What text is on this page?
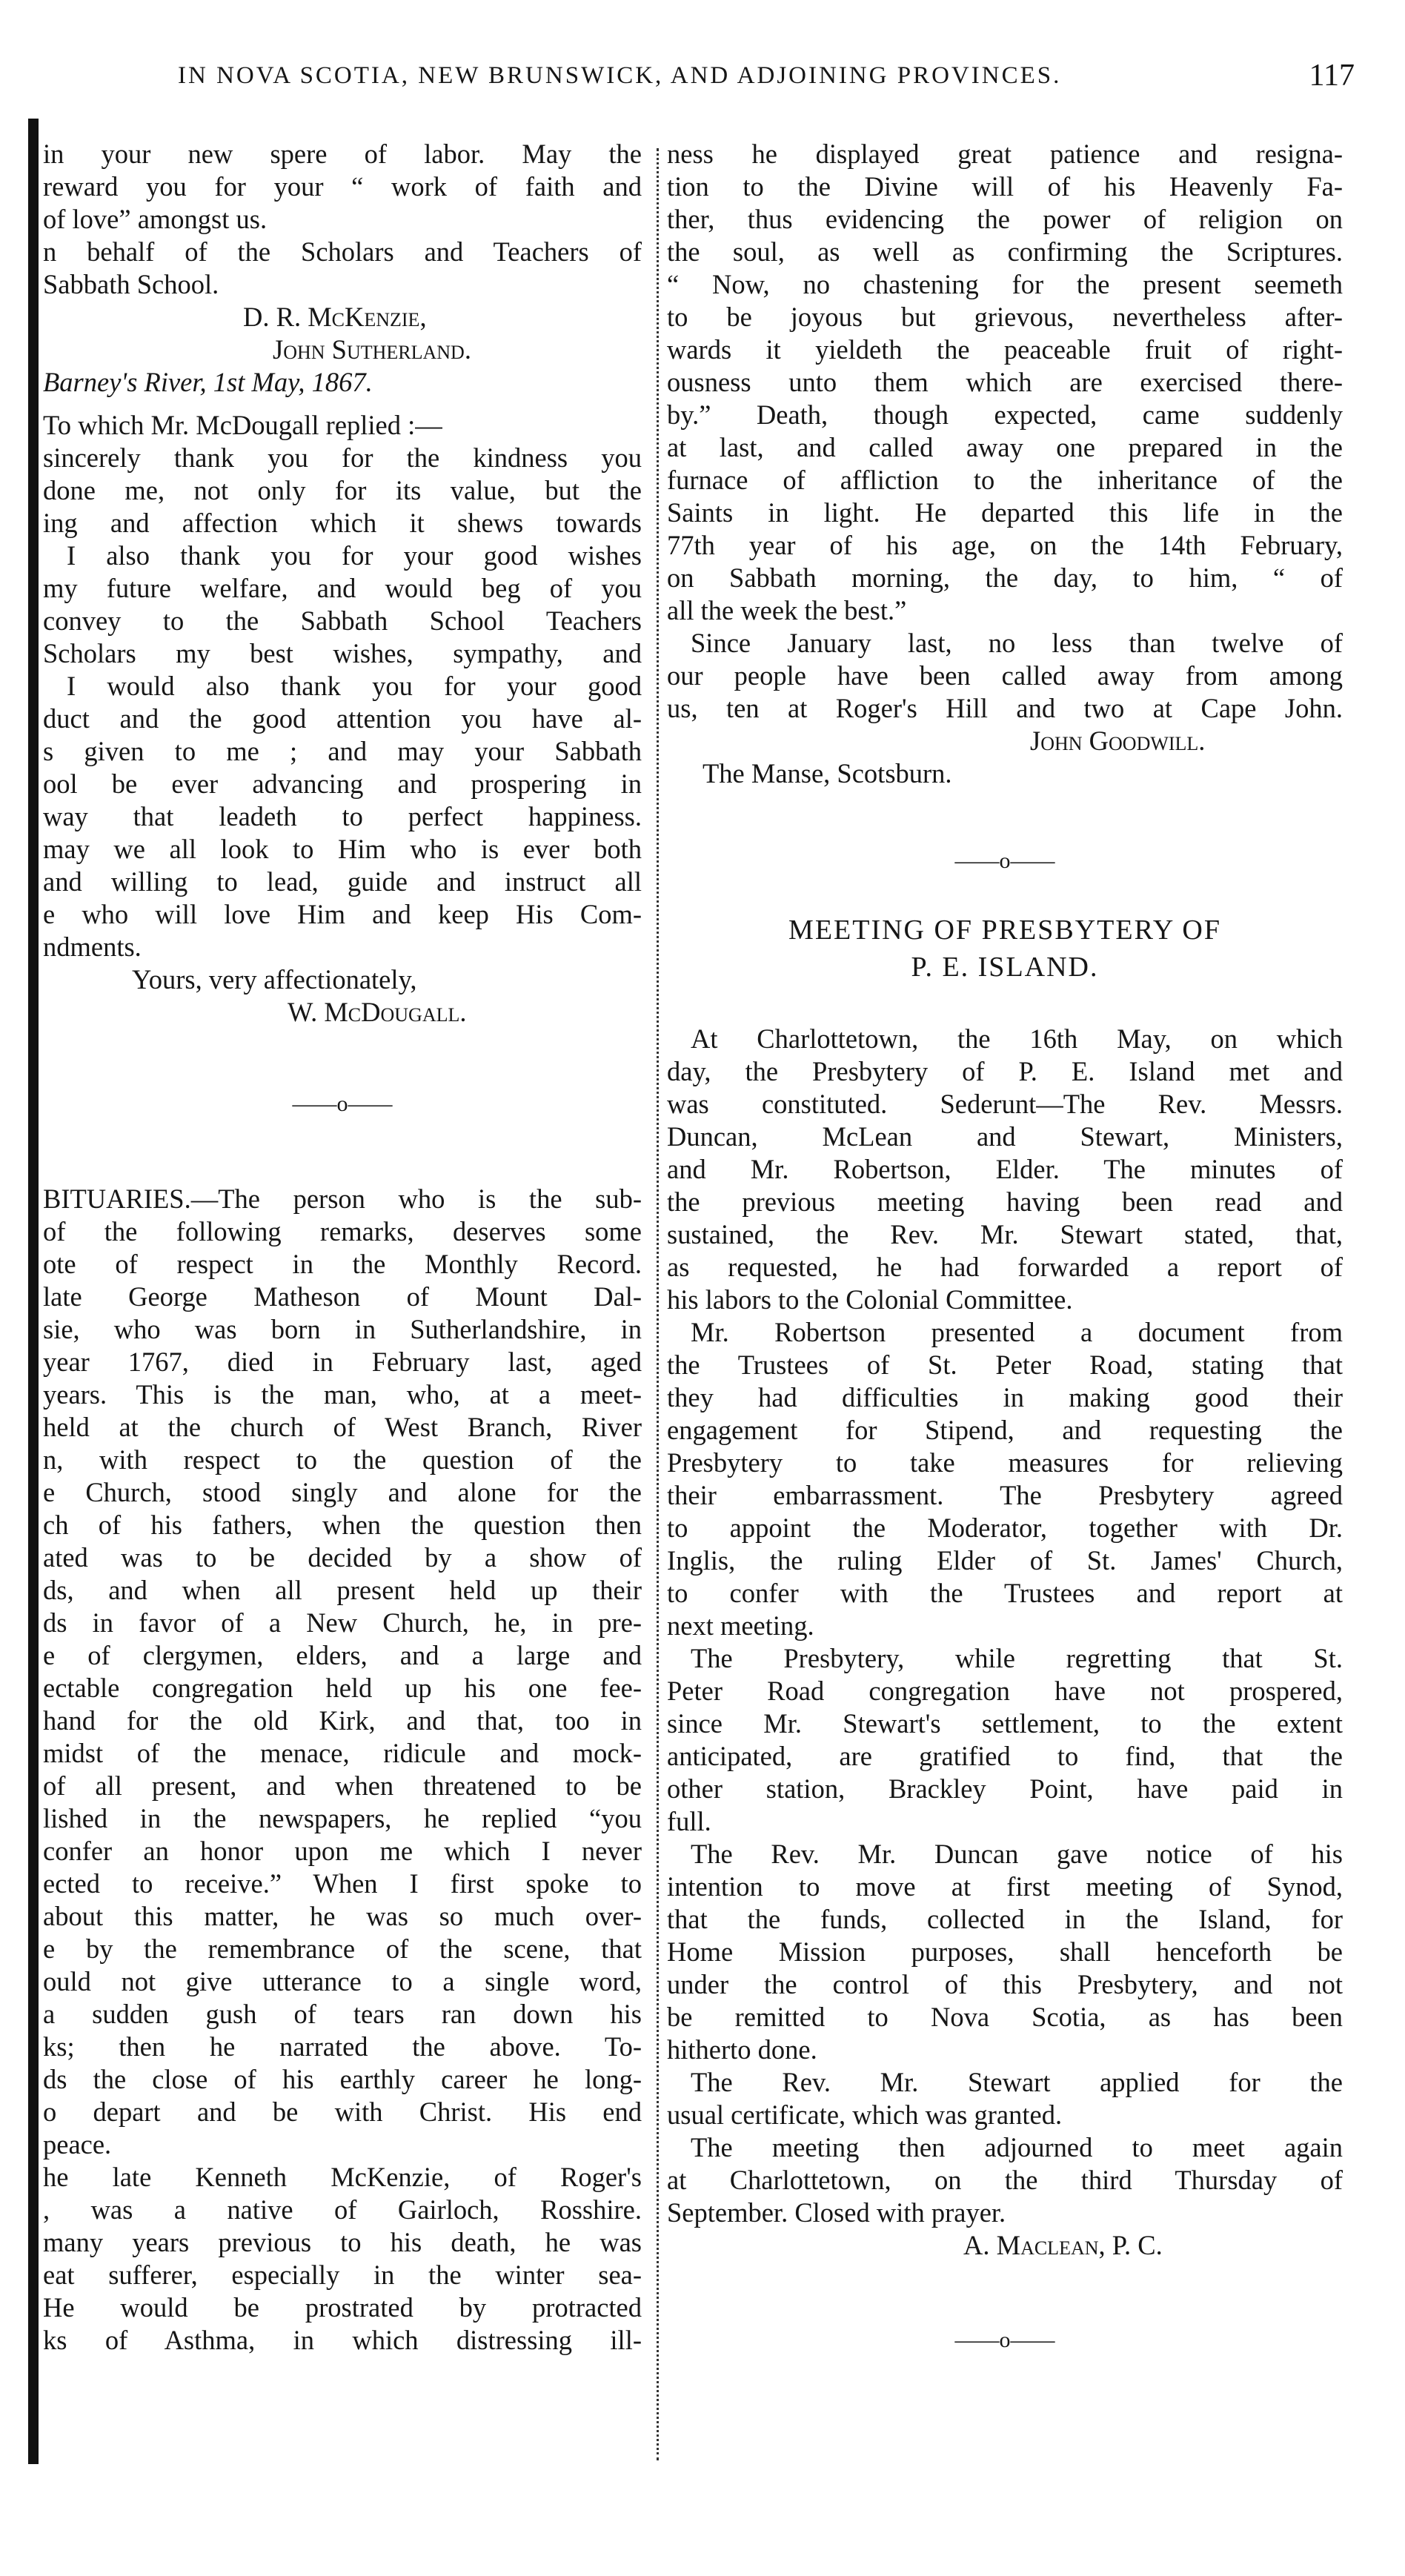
IN NOVA SCOTIA, NEW BRUNSWICK, AND ADJOINING PROVINCES.	117
in your new spere of labor. May the
reward you for your “ work of faith and
of love” amongst us.
n behalf of the Scholars and Teachers of
Sabbath School.
D. R. McKenzie,
John Sutherland.
Barney's River, 1st May, 1867.
To which Mr. McDougall replied :—
sincerely thank you for the kindness you
done me, not only for its value, but the
ing and affection which it shews towards
I also thank you for your good wishes
my future welfare, and would beg of you
convey to the Sabbath School Teachers
Scholars my best wishes, sympathy, and
I would also thank you for your good
duct and the good attention you have al-
s given to me ; and may your Sabbath
ool be ever advancing and prospering in
way that leadeth to perfect happiness.
may we all look to Him who is ever both
and willing to lead, guide and instruct all
e who will love Him and keep His Com-
ndments.
Yours, very affectionately,
W. McDougall.
——o——
BITUARIES.—The person who is the sub-
of the following remarks, deserves some
ote of respect in the Monthly Record.
late George Matheson of Mount Dal-
sie, who was born in Sutherlandshire, in
year 1767, died in February last, aged
years. This is the man, who, at a meet-
held at the church of West Branch, River
n, with respect to the question of the
e Church, stood singly and alone for the
ch of his fathers, when the question then
ated was to be decided by a show of
ds, and when all present held up their
ds in favor of a New Church, he, in pre-
e of clergymen, elders, and a large and
ectable congregation held up his one fee-
hand for the old Kirk, and that, too in
midst of the menace, ridicule and mock-
of all present, and when threatened to be
lished in the newspapers, he replied “you
confer an honor upon me which I never
ected to receive.” When I first spoke to
about this matter, he was so much over-
e by the remembrance of the scene, that
ould not give utterance to a single word,
a sudden gush of tears ran down his
ks; then he narrated the above. To-
ds the close of his earthly career he long-
o depart and be with Christ. His end
peace.
he late Kenneth McKenzie, of Roger's
, was a native of Gairloch, Rosshire.
many years previous to his death, he was
eat sufferer, especially in the winter sea-
He would be prostrated by protracted
ks of Asthma, in which distressing ill-
ness he displayed great patience and resigna-
tion to the Divine will of his Heavenly Fa-
ther, thus evidencing the power of religion on
the soul, as well as confirming the Scriptures.
“ Now, no chastening for the present seemeth
to be joyous but grievous, nevertheless after-
wards it yieldeth the peaceable fruit of right-
ousness unto them which are exercised there-
by.” Death, though expected, came suddenly
at last, and called away one prepared in the
furnace of affliction to the inheritance of the
Saints in light. He departed this life in the
77th year of his age, on the 14th February,
on Sabbath morning, the day, to him, “ of
all the week the best.”
Since January last, no less than twelve of
our people have been called away from among
us, ten at Roger's Hill and two at Cape John.
John Goodwill.
The Manse, Scotsburn.
——o——
MEETING OF PRESBYTERY OF
P. E. ISLAND.
At Charlottetown, the 16th May, on which
day, the Presbytery of P. E. Island met and
was constituted. Sederunt—The Rev. Messrs.
Duncan, McLean and Stewart, Ministers,
and Mr. Robertson, Elder. The minutes of
the previous meeting having been read and
sustained, the Rev. Mr. Stewart stated, that,
as requested, he had forwarded a report of
his labors to the Colonial Committee.
Mr. Robertson presented a document from
the Trustees of St. Peter Road, stating that
they had difficulties in making good their
engagement for Stipend, and requesting the
Presbytery to take measures for relieving
their embarrassment. The Presbytery agreed
to appoint the Moderator, together with Dr.
Inglis, the ruling Elder of St. James' Church,
to confer with the Trustees and report at
next meeting.
The Presbytery, while regretting that St.
Peter Road congregation have not prospered,
since Mr. Stewart's settlement, to the extent
anticipated, are gratified to find, that the
other station, Brackley Point, have paid in
full.
The Rev. Mr. Duncan gave notice of his
intention to move at first meeting of Synod,
that the funds, collected in the Island, for
Home Mission purposes, shall henceforth be
under the control of this Presbytery, and not
be remitted to Nova Scotia, as has been
hitherto done.
The Rev. Mr. Stewart applied for the
usual certificate, which was granted.
The meeting then adjourned to meet again
at Charlottetown, on the third Thursday of
September. Closed with prayer.
A. Maclean, P. C.
——o——
